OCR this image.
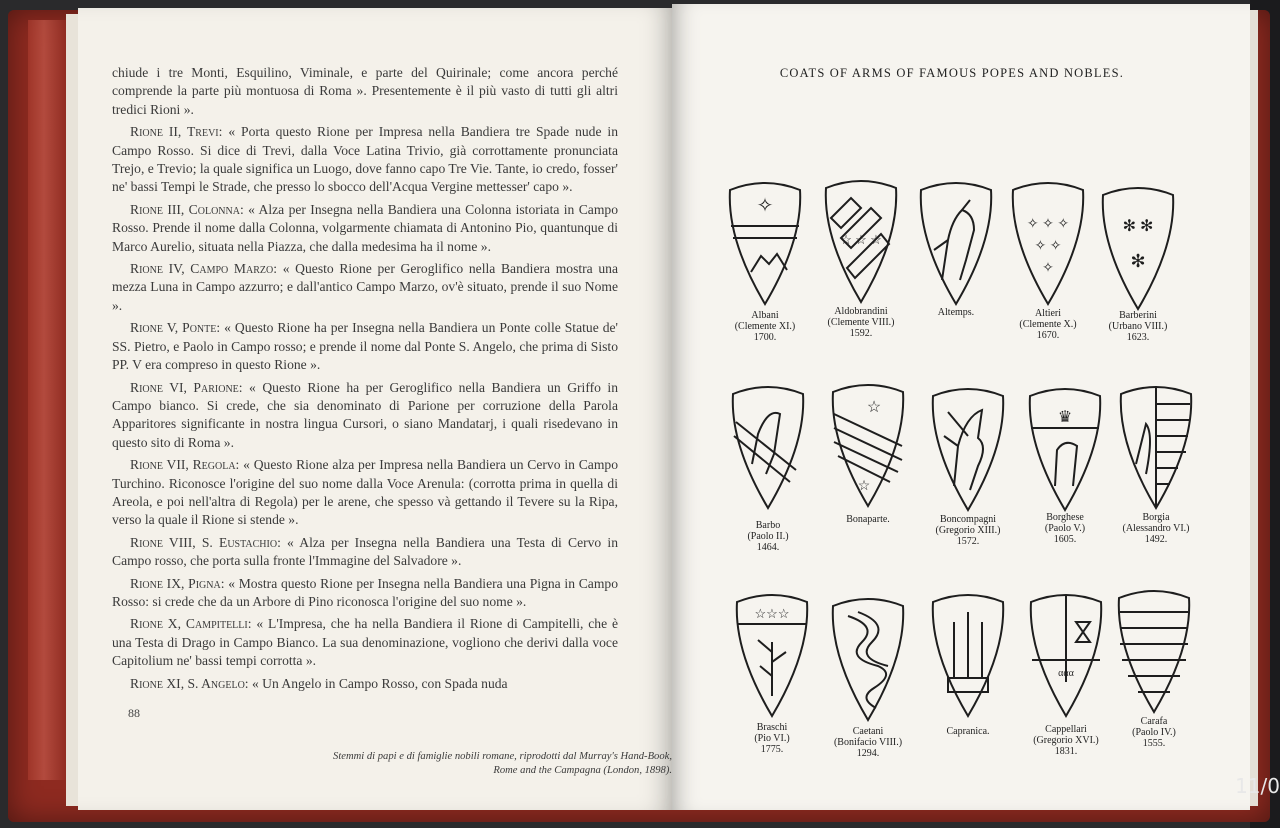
chiude i tre Monti, Esquilino, Viminale, e parte del Quirinale; come ancora perché comprende la parte più montuosa di Roma ». Presentemente è il più vasto di tutti gli altri tredici Rioni ».

Rione II, Trevi: « Porta questo Rione per Impresa nella Bandiera tre Spade nude in Campo Rosso. Si dice di Trevi, dalla Voce Latina Trivio, già corrottamente pronunciata Trejo, e Trevio; la quale significa un Luogo, dove fanno capo Tre Vie. Tante, io credo, fosser' ne' bassi Tempi le Strade, che presso lo sbocco dell'Acqua Vergine mettesser' capo ».

Rione III, Colonna: « Alza per Insegna nella Bandiera una Colonna istoriata in Campo Rosso. Prende il nome dalla Colonna, volgarmente chiamata di Antonino Pio, quantunque di Marco Aurelio, situata nella Piazza, che dalla medesima ha il nome ».

Rione IV, Campo Marzo: « Questo Rione per Geroglifico nella Bandiera mostra una mezza Luna in Campo azzurro; e dall'antico Campo Marzo, ov'è situato, prende il suo Nome ».

Rione V, Ponte: « Questo Rione ha per Insegna nella Bandiera un Ponte colle Statue de' SS. Pietro, e Paolo in Campo rosso; e prende il nome dal Ponte S. Angelo, che prima di Sisto PP. V era compreso in questo Rione ».

Rione VI, Parione: « Questo Rione ha per Geroglifico nella Bandiera un Griffo in Campo bianco. Si crede, che sia denominato di Parione per corruzione della Parola Apparitores significante in nostra lingua Cursori, o siano Mandatarj, i quali risedevano in questo sito di Roma ».

Rione VII, Regola: « Questo Rione alza per Impresa nella Bandiera un Cervo in Campo Turchino. Riconosce l'origine del suo nome dalla Voce Arenula: (corrotta prima in quella di Areola, e poi nell'altra di Regola) per le arene, che spesso và gettando il Tevere su la Ripa, verso la quale il Rione si stende ».

Rione VIII, S. Eustachio: « Alza per Insegna nella Bandiera una Testa di Cervo in Campo rosso, che porta sulla fronte l'Immagine del Salvadore ».

Rione IX, Pigna: « Mostra questo Rione per Insegna nella Bandiera una Pigna in Campo Rosso: si crede che da un Arbore di Pino riconosca l'origine del suo nome ».

Rione X, Campitelli: « L'Impresa, che ha nella Bandiera il Rione di Campitelli, che è una Testa di Drago in Campo Bianco. La sua denominazione, vogliono che derivi dalla voce Capitolium ne' bassi tempi corrotta ».

Rione XI, S. Angelo: « Un Angelo in Campo Rosso, con Spada nuda

88
Stemmi di papi e di famiglie nobili romane, riprodotti dal Murray's Hand-Book,
Rome and the Campagna (London, 1898).
COATS OF ARMS OF FAMOUS POPES AND NOBLES.
✧
☆ ☆ ☆
✧ ✧ ✧
✧ ✧
✧
✻ ✻
✻
☆
☆
♛
☆☆☆
ααα
Albani
(Clemente XI.)
1700.
Aldobrandini
(Clemente VIII.)
1592.
Altemps.	Altieri
(Clemente X.)
1670.
Barberini
(Urbano VIII.)
1623.
Barbo
(Paolo II.)
1464.
Bonaparte.	Boncompagni
(Gregorio XIII.)
1572.
Borghese
(Paolo V.)
1605.
Borgia
(Alessandro VI.)
1492.
Braschi
(Pio VI.)
1775.
Caetani
(Bonifacio VIII.)
1294.
Capranica.	Cappellari
(Gregorio XVI.)
1831.
Carafa
(Paolo IV.)
1555.
11/0
